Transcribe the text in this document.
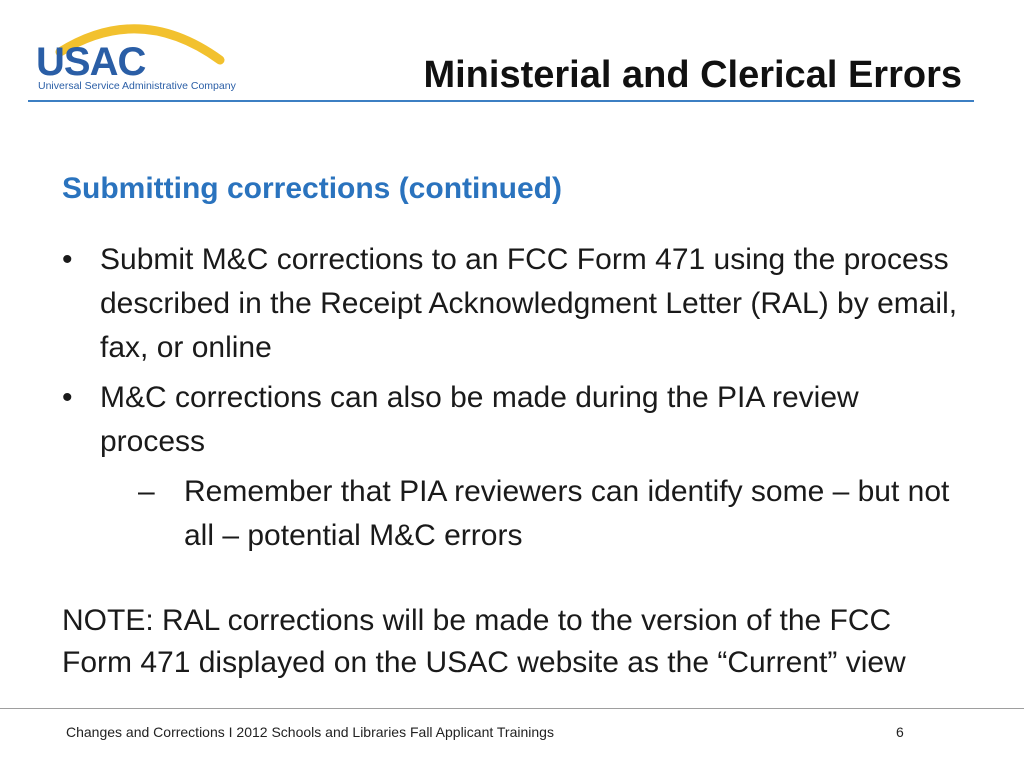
USAC
Universal Service Administrative Company	Ministerial and Clerical Errors
Submitting corrections (continued)
• Submit M&C corrections to an FCC Form 471 using the process described in the Receipt Acknowledgment Letter (RAL) by email, fax, or online
• M&C corrections can also be made during the PIA review process
– Remember that PIA reviewers can identify some – but not all – potential M&C errors
NOTE: RAL corrections will be made to the version of the FCC Form 471 displayed on the USAC website as the “Current” view
Changes and Corrections I 2012 Schools and Libraries Fall Applicant Trainings	6
